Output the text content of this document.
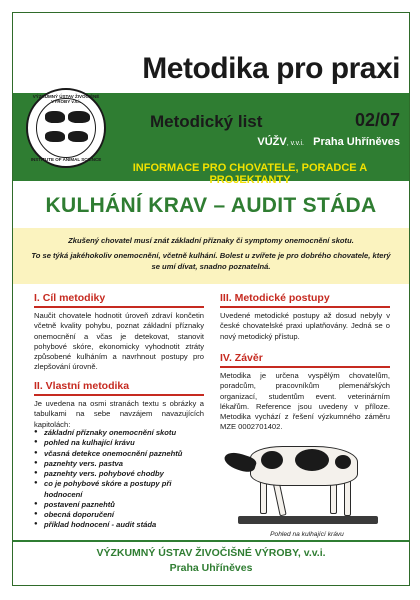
Metodika pro praxi
VÝZKUMNÝ ÚSTAV ŽIVOČIŠNÉ VÝROBY v.v.i.
INSTITUTE OF ANIMAL SCIENCE
Metodický list	02/07
VÚŽV, v.v.i. Praha Uhříněves
INFORMACE PRO CHOVATELE, PORADCE A PROJEKTANTY
KULHÁNÍ KRAV – AUDIT STÁDA

Zkušený chovatel musí znát základní příznaky či symptomy onemocnění skotu.

To se týká jakéhokoliv onemocnění, včetně kulhání. Bolest u zvířete je pro dobrého chovatele, který se umí dívat, snadno poznatelná.

I. Cíl metodiky
Naučit chovatele hodnotit úroveň zdraví končetin včetně kvality pohybu, poznat základní příznaky onemocnění a včas je detekovat, stanovit pohybové skóre, ekonomicky vyhodnotit ztráty způsobené kulháním a navrhnout postupy pro zlepšování úrovně.
II. Vlastní metodika
Je uvedena na osmi stranách textu s obrázky a tabulkami na sebe navzájem navazujících kapitolách:
● základní příznaky onemocnění skotu
● pohled na kulhající krávu
● včasná detekce onemocnění paznehtů
● paznehty vers. pastva
● paznehty vers. pohybové chodby
● co je pohybové skóre a postupy při hodnocení
● postavení paznehtů
● obecná doporučení
● příklad hodnocení - audit stáda
III. Metodické postupy
Uvedené metodické postupy až dosud nebyly v české chovatelské praxi uplatňovány. Jedná se o nový metodický přístup.
IV. Závěr
Metodika je určena vyspělým chovatelům, poradcům, pracovníkům plemenářských organizací, studentům event. veterinárním lékařům. Reference jsou uvedeny v příloze. Metodika vychází z řešení výzkumného záměru MZE 0002701402.
Pohled na kulhající krávu
VÝZKUMNÝ ÚSTAV ŽIVOČIŠNÉ VÝROBY, v.v.i.
Praha Uhříněves
